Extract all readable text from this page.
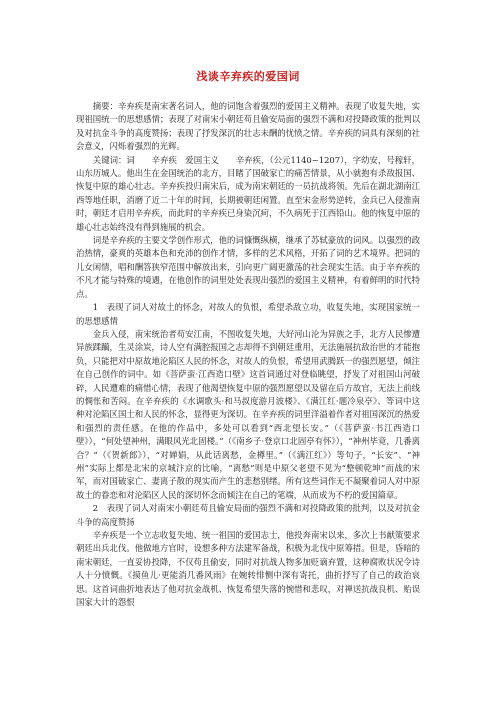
浅谈辛弃疾的爱国词

摘要：辛弃疾是南宋著名词人，他的词饱含着强烈的爱国主义精神。表现了收复失地，实现祖国统一的思想感情；表现了对南宋小朝廷苟且偷安局面的强烈不满和对投降政策的批判以及对抗金斗争的高度赞扬；表现了抒发深沉的壮志未酬的忧愤之情。辛弃疾的词具有深刻的社会意义，闪烁着强烈的光辉。

关键词：词　　辛弃疾　爱国主义　　辛弃疾，（公元1140~1207），字幼安，号稼轩，山东历城人。他出生在金国统治的北方，目睹了国破家亡的痛苦情景，从小就抱有杀敌报国、恢复中原的雄心壮志。辛弃疾投归南宋后，成为南宋朝廷的一员抗战将领。先后在湖北湖南江西等地任职，消磨了近二十年的时间，长期被朝廷闲置。直至宋金形势逆转，金兵已入侵淮南时，朝廷才启用辛弃疾，而此时的辛弃疾已身染沉疴，不久病死于江西铅山。他的恢复中原的雄心壮志始终没有得到施展的机会。

词是辛弃疾的主要文学创作形式，他的词慷慨纵横，继承了苏轼豪放的词风。以强烈的政治热情，豪爽的英雄本色和充沛的创作才情，多样的艺术风格，开拓了词的艺术境界。把词的儿女闲情，唱和酬答狭窄范围中解放出来，引向更广阔更激荡的社会现实生活。由于辛弃疾的不凡才能与特殊的境遇，在他创作的词里处处表现出强烈的爱国主义精神，有着鲜明的时代特点。

1　表现了词人对故土的怀念，对故人的负恨，希望杀敌立功，收复失地，实现国家统一的思想感情

金兵入侵，南宋统治者苟安江南，不图收复失地，大好河山沦为异族之手，北方人民惨遭异族蹂躏，生灵涂炭，诗人空有满腔报国之志却得不到朝廷重用，无法施展抗敌治世的才能抱负，只能把对中原故地沦陷区人民的怀念，对故人的负恨，希望用武腾跃一的强烈愿望，倾注在自己创作的词中。如《菩萨蛮·江西造口壁》这首词通过对登临眺望，抒发了对祖国山河破碎，人民遭难的痛惜心情，表现了他渴望恢复中原的强烈愿望以及留在后方故官，无法上前线的惆怅和苦闷。在辛弃疾的《水调歌头·和马叔度游月波楼》、《满江红·题冷泉亭》、等词中这种对沦陷区国土和人民的怀念，显得更为深切。在辛弃疾的词里洋溢着作者对祖国深沉的热爱和强烈的责任感。在他的作品中，多处可以看到“西北望长安。”（《菩萨蛮·书江西造口壁》），“何处望神州，满眼风光北固楼。”（《南乡子·登京口北固亭有怀》），“神州毕竟，几番离合？”（《贺新郎》），“对婵娟，从此话离愁，金樽里。”（《满江红》）等句子，“长安”、“神州”实际上都是北宋的京城汴京的比喻，“离愁”则是中原父老望不见为“整顿乾坤”而战的宋军，而对国破家亡、妻离子散的现实而产生的悲愁别绪。所有这些词作无不凝聚着词人对中原故土的眷恋和对沦陷区人民的深切怀念而倾注在自己的笔端，从而成为不朽的爱国篇章。

2　表现了词人对南宋小朝廷苟且偷安局面的强烈不满和对投降政策的批判，以及对抗金斗争的高度赞扬

辛弃疾是一个立志收复失地、统一祖国的爱国志士，他投奔南宋以来，多次上书献策要求朝廷出兵北伐。他做地方官时，设想多种方法建军备战，积极为北伐中原筹措。但是，昏暗的南宋朝廷，一直妥协投降，不仅苟且偷安，同时对抗战人物多加贬谪弃置，这种腐败状况令诗人十分愤慨。《摸鱼儿·更能消几番风雨》在婉转悱恻中深有寄托，曲折抒写了自己的政治哀思。这首词曲折地表达了他对抗金战机、恢复希望失落的惋惜和悲叹，对禅送抗战良机、贻误国家大计的怨恨
